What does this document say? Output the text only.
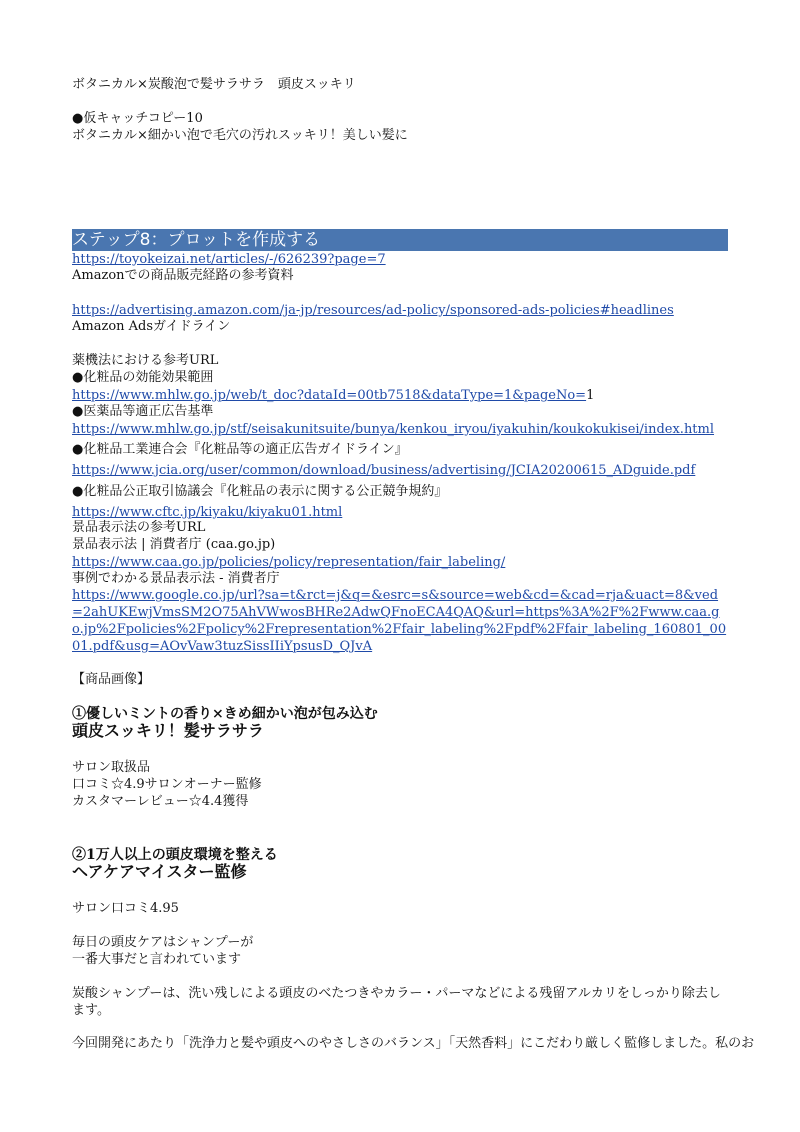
ボタニカル×炭酸泡で髪サラサラ　頭皮スッキリ
●仮キャッチコピー10
ボタニカル×細かい泡で毛穴の汚れスッキリ！美しい髪に
ステップ8：プロットを作成する
https://toyokeizai.net/articles/-/626239?page=7
Amazonでの商品販売経路の参考資料
https://advertising.amazon.com/ja-jp/resources/ad-policy/sponsored-ads-policies#headlines
Amazon Adsガイドライン
薬機法における参考URL
●化粧品の効能効果範囲
https://www.mhlw.go.jp/web/t_doc?dataId=00tb7518&dataType=1&pageNo=1
●医薬品等適正広告基準
https://www.mhlw.go.jp/stf/seisakunitsuite/bunya/kenkou_iryou/iyakuhin/koukokukisei/index.html
●化粧品工業連合会『化粧品等の適正広告ガイドライン』
https://www.jcia.org/user/common/download/business/advertising/JCIA20200615_ADguide.pdf
●化粧品公正取引協議会『化粧品の表示に関する公正競争規約』
https://www.cftc.jp/kiyaku/kiyaku01.html
景品表示法の参考URL
景品表示法 | 消費者庁 (caa.go.jp)
https://www.caa.go.jp/policies/policy/representation/fair_labeling/
事例でわかる景品表示法 - 消費者庁
https://www.google.co.jp/url?sa=t&rct=j&q=&esrc=s&source=web&cd=&cad=rja&uact=8&ved=2ahUKEwjVmsSM2O75AhVWwosBHRe2AdwQFnoECA4QAQ&url=https%3A%2F%2Fwww.caa.go.jp%2Fpolicies%2Fpolicy%2Frepresentation%2Ffair_labeling%2Fpdf%2Ffair_labeling_160801_0001.pdf&usg=AOvVaw3tuzSissIIiYpsusD_QJvA
【商品画像】
①優しいミントの香り×きめ細かい泡が包み込む
頭皮スッキリ！髪サラサラ
サロン取扱品
口コミ☆4.9サロンオーナー監修
カスタマーレビュー☆4.4獲得
②1万人以上の頭皮環境を整える
ヘアケアマイスター監修
サロン口コミ4.95
毎日の頭皮ケアはシャンプーが
一番大事だと言われています
炭酸シャンプーは、洗い残しによる頭皮のべたつきやカラー・パーマなどによる残留アルカリをしっかり除去します。
今回開発にあたり「洗浄力と髪や頭皮へのやさしさのバランス」「天然香料」にこだわり厳しく監修しました。私のお
